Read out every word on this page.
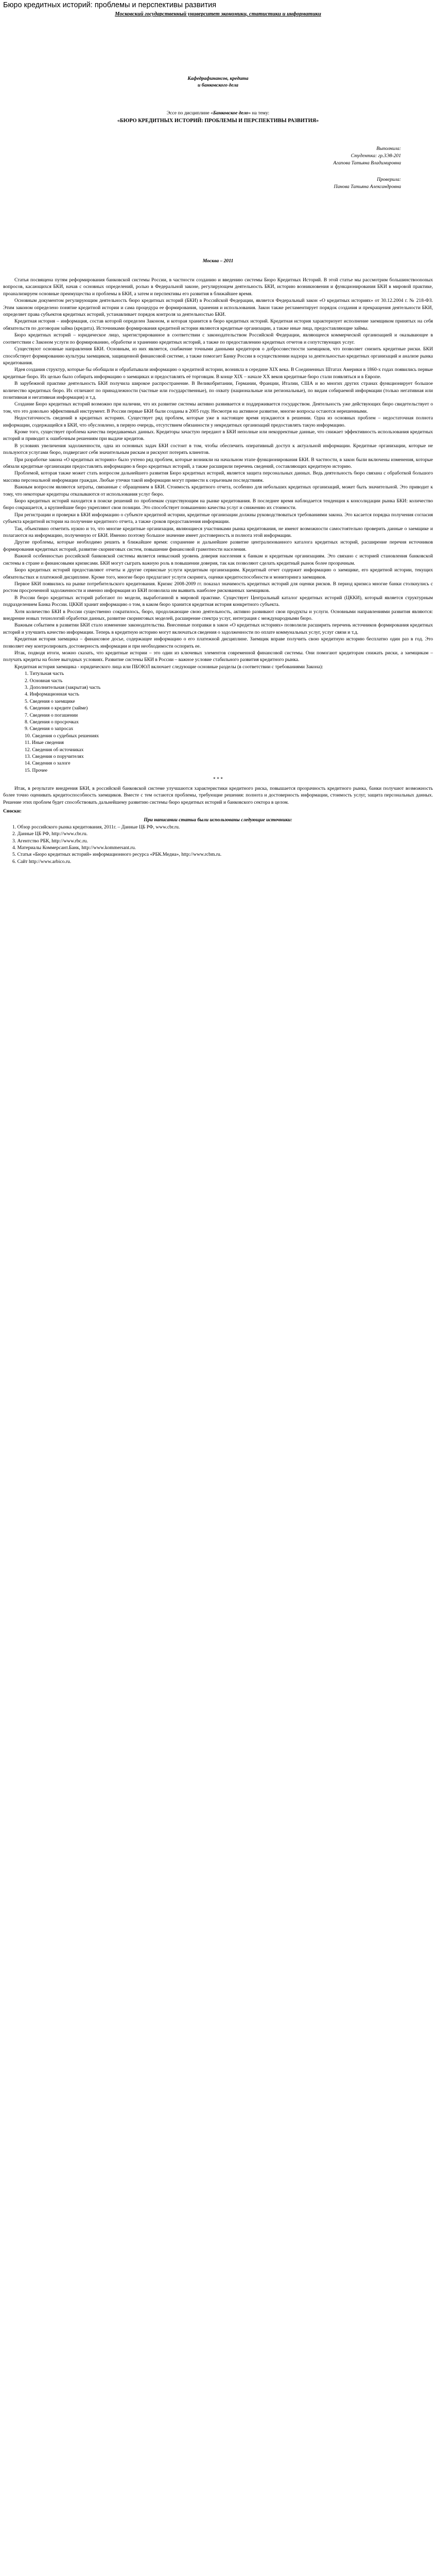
Бюро кредитных историй: проблемы и перспективы развития
Московский государственный университет экономики, статистики и информатики
Кафедрафинансов, кредита
и банковского дела
Эссе по дисциплине «Банковское дело» на тему:
«БЮРО КРЕДИТНЫХ ИСТОРИЙ: ПРОБЛЕМЫ И ПЕРСПЕКТИВЫ РАЗВИТИЯ»
Выполнила:
Студентка: гр.3Э8-201
Агапова Татьяна Владимировна
Проверила:
Панова Татьяна Александровна
Москва – 2011

Статья посвящена путям реформирования банковской системы России, в частности созданию и введению системы Бюро Кредитных Историй. В этой статье мы рассмотрим большинствоononых вопросов, касающихся БКИ, начав с основных определений, ролью в Федеральной законе, регулирующем деятельность БКИ, историю возникновения и функционирования БКИ в мировой практике, проанализируем основные преимущества и проблемы в БКИ, а затем и перспективы его развития в ближайшее время.

Основным документом регулирующим деятельность бюро кредитных историй (БКИ) в Российской Федерации, является Федеральный закон «О кредитных историях» от 30.12.2004 г. № 218-ФЗ. Этим законом определено понятие кредитной истории и сама процедура ее формирования, хранения и использования. Закон также регламентирует порядок создания и прекращения деятельности БКИ, определяет права субъектов кредитных историй, устанавливает порядок контроля за деятельностью БКИ.

Кредитная история – информация, состав которой определен Законом, и которая хранится в бюро кредитных историй. Кредитная история характеризует исполнение заемщиком принятых на себя обязательств по договорам займа (кредита). Источниками формирования кредитной истории являются кредитные организации, а также иные лица, предоставляющие займы.

Бюро кредитных историй – юридическое лицо, зарегистрированное в соответствии с законодательством Российской Федерации, являющееся коммерческой организацией и оказывающее в соответствии с Законом услуги по формированию, обработке и хранению кредитных историй, а также по предоставлению кредитных отчетов и сопутствующих услуг.

Существуют основные направления БКИ. Основным, из них является, снабжение точными данными кредиторов о добросовестности заемщиков, что позволяет снизить кредитные риски. БКИ способствует формированию культуры заемщиков, защищенной финансовой системе, а также помогает Банку России в осуществлении надзора за деятельностью кредитных организаций и анализе рынка кредитования.

Идея создания структур, которые бы обобщали и обрабатывали информацию о кредитной истории, возникла в середине XIX века. В Соединенных Штатах Америки в 1860-х годах появились первые кредитные бюро. Их целью было собирать информацию о заемщиках и предоставлять её торговцам. В конце XIX – начале XX веков кредитные бюро стали появляться и в Европе.

В зарубежной практике деятельность БКИ получила широкое распространение. В Великобритании, Германии, Франции, Италии, США и во многих других странах функционирует большое количество кредитных бюро. Их отличают по принадлежности (частные или государственные), по охвату (национальные или региональные), по видам собираемой информации (только негативная или позитивная и негативная информация) и т.д.

Создание Бюро кредитных историй возможно при наличии, что их развитие системы активно развивается и поддерживается государством. Деятельность уже действующих бюро свидетельствует о том, что это довольно эффективный инструмент. В России первые БКИ были созданы в 2005 году. Несмотря на активное развитие, многие вопросы остаются нерешенными.

Недостаточность сведений в кредитных историях. Существует ряд проблем, которые уже в настоящее время нуждаются в решении. Одна из основных проблем – недостаточная полнота информации, содержащейся в БКИ, что обусловлено, в первую очередь, отсутствием обязанности у некредитных организаций предоставлять такую информацию.

Кроме того, существует проблема качества передаваемых данных. Кредиторы зачастую передают в БКИ неполные или некорректные данные, что снижает эффективность использования кредитных историй и приводит к ошибочным решениям при выдаче кредитов.

В условиях увеличения задолженности, одна из основных задач БКИ состоит в том, чтобы обеспечить оперативный доступ к актуальной информации. Кредитные организации, которые не пользуются услугами бюро, подвергают себя значительным рискам и рискуют потерять клиентов.

При разработке закона «О кредитных историях» было учтено ряд проблем, которые возникли на начальном этапе функционирования БКИ. В частности, в закон были включены изменения, которые обязали кредитные организации предоставлять информацию в бюро кредитных историй, а также расширили перечень сведений, составляющих кредитную историю.

Проблемой, которая также может стать вопросом дальнейшего развития Бюро кредитных историй, является защита персональных данных. Ведь деятельность бюро связана с обработкой большого массива персональной информации граждан. Любые утечки такой информации могут привести к серьезным последствиям.

Важным вопросом являются затраты, связанные с обращением в БКИ. Стоимость кредитного отчета, особенно для небольших кредитных организаций, может быть значительной. Это приводит к тому, что некоторые кредиторы отказываются от использования услуг бюро.

Бюро кредитных историй находится в поиске решений по проблемам существующим на рынке кредитования. В последнее время наблюдается тенденция к консолидации рынка БКИ: количество бюро сокращается, а крупнейшие бюро укрепляют свои позиции. Это способствует повышению качества услуг и снижению их стоимости.

При регистрации и проверки в БКИ информацию о субъекте кредитной истории, кредитные организации должны руководствоваться требованиями закона. Это касается порядка получения согласия субъекта кредитной истории на получение кредитного отчета, а также сроков предоставления информации.

Так, объективно отметить нужно и то, что многие кредитные организации, являющиеся участниками рынка кредитования, не имеют возможности самостоятельно проверить данные о заемщике и полагаются на информацию, полученную от БКИ. Именно поэтому большое значение имеет достоверность и полнота этой информации.

Другие проблемы, которые необходимо решить в ближайшее время: сохранение и дальнейшее развитие централизованного каталога кредитных историй, расширение перечня источников формирования кредитных историй, развитие скоринговых систем, повышение финансовой грамотности населения.

Важной особенностью российской банковской системы является невысокий уровень доверия населения к банкам и кредитным организациям. Это связано с историей становления банковской системы в стране и финансовыми кризисами. БКИ могут сыграть важную роль в повышении доверия, так как позволяют сделать кредитный рынок более прозрачным.

Бюро кредитных историй предоставляют отчеты и другие сервисные услуги кредитным организациям. Кредитный отчет содержит информацию о заемщике, его кредитной истории, текущих обязательствах и платежной дисциплине. Кроме того, многие бюро предлагают услуги скоринга, оценки кредитоспособности и мониторинга заемщиков.

Первое БКИ появились на рынке потребительского кредитования. Кризис 2008-2009 гг. показал значимость кредитных историй для оценки рисков. В период кризиса многие банки столкнулись с ростом просроченной задолженности и именно информация из БКИ позволила им выявить наиболее рискованных заемщиков.

В России бюро кредитных историй работают по модели, выработанной в мировой практике. Существует Центральный каталог кредитных историй (ЦККИ), который является структурным подразделением Банка России. ЦККИ хранит информацию о том, в каком бюро хранится кредитная история конкретного субъекта.

Хотя количество БКИ в России существенно сократилось, бюро, продолжающие свою деятельность, активно развивают свои продукты и услуги. Основными направлениями развития являются: внедрение новых технологий обработки данных, развитие скоринговых моделей, расширение спектра услуг, интеграция с международными бюро.

Важным событием в развитии БКИ стало изменение законодательства. Внесенные поправки в закон «О кредитных историях» позволили расширить перечень источников формирования кредитных историй и улучшить качество информации. Теперь в кредитную историю могут включаться сведения о задолженности по оплате коммунальных услуг, услуг связи и т.д.

Кредитная история заемщика – финансовое досье, содержащее информацию о его платежной дисциплине. Заемщик вправе получить свою кредитную историю бесплатно один раз в год. Это позволяет ему контролировать достоверность информации и при необходимости оспорить ее.

Итак, подводя итоги, можно сказать, что кредитные истории – это один из ключевых элементов современной финансовой системы. Они помогают кредиторам снижать риски, а заемщикам – получать кредиты на более выгодных условиях. Развитие системы БКИ в России – важное условие стабильного развития кредитного рынка.

Кредитная история заемщика - юридического лица или ПБОЮЛ включает следующие основные разделы (в соответствии с требованиями Закона):

1. Титульная часть
2. Основная часть
3. Дополнительная (закрытая) часть
4. Информационная часть
5. Сведения о заемщике
6. Сведения о кредите (займе)
7. Сведения о погашении
8. Сведения о просрочках
9. Сведения о запросах
10. Сведения о судебных решениях
11. Иные сведения
12. Сведения об источниках
13. Сведения о поручителях
14. Сведения о залоге
15. Прочее
* * *

Итак, в результате внедрения БКИ, в российской банковской системе улучшаются характеристики кредитного риска, повышается прозрачность кредитного рынка, банки получают возможность более точно оценивать кредитоспособность заемщиков. Вместе с тем остаются проблемы, требующие решения: полнота и достоверность информации, стоимость услуг, защита персональных данных. Решение этих проблем будет способствовать дальнейшему развитию системы бюро кредитных историй и банковского сектора в целом.

Сноски:
При написании статьи были использованы следующие источники:
1. Обзор российского рынка кредитования, 2011г. – Данные ЦБ РФ, www.cbr.ru.
2. Данные ЦБ РФ, http://www.cbr.ru.
3. Агентство РБК, http://www.rbc.ru.
4. Материалы Коммерсант.Банк, http://www.kommersant.ru.
5. Статья «Бюро кредитных историй» информационного ресурса «РБК.Медиа», http://www.rcbm.ru.
6. Сайт http://www.arbico.ru.
